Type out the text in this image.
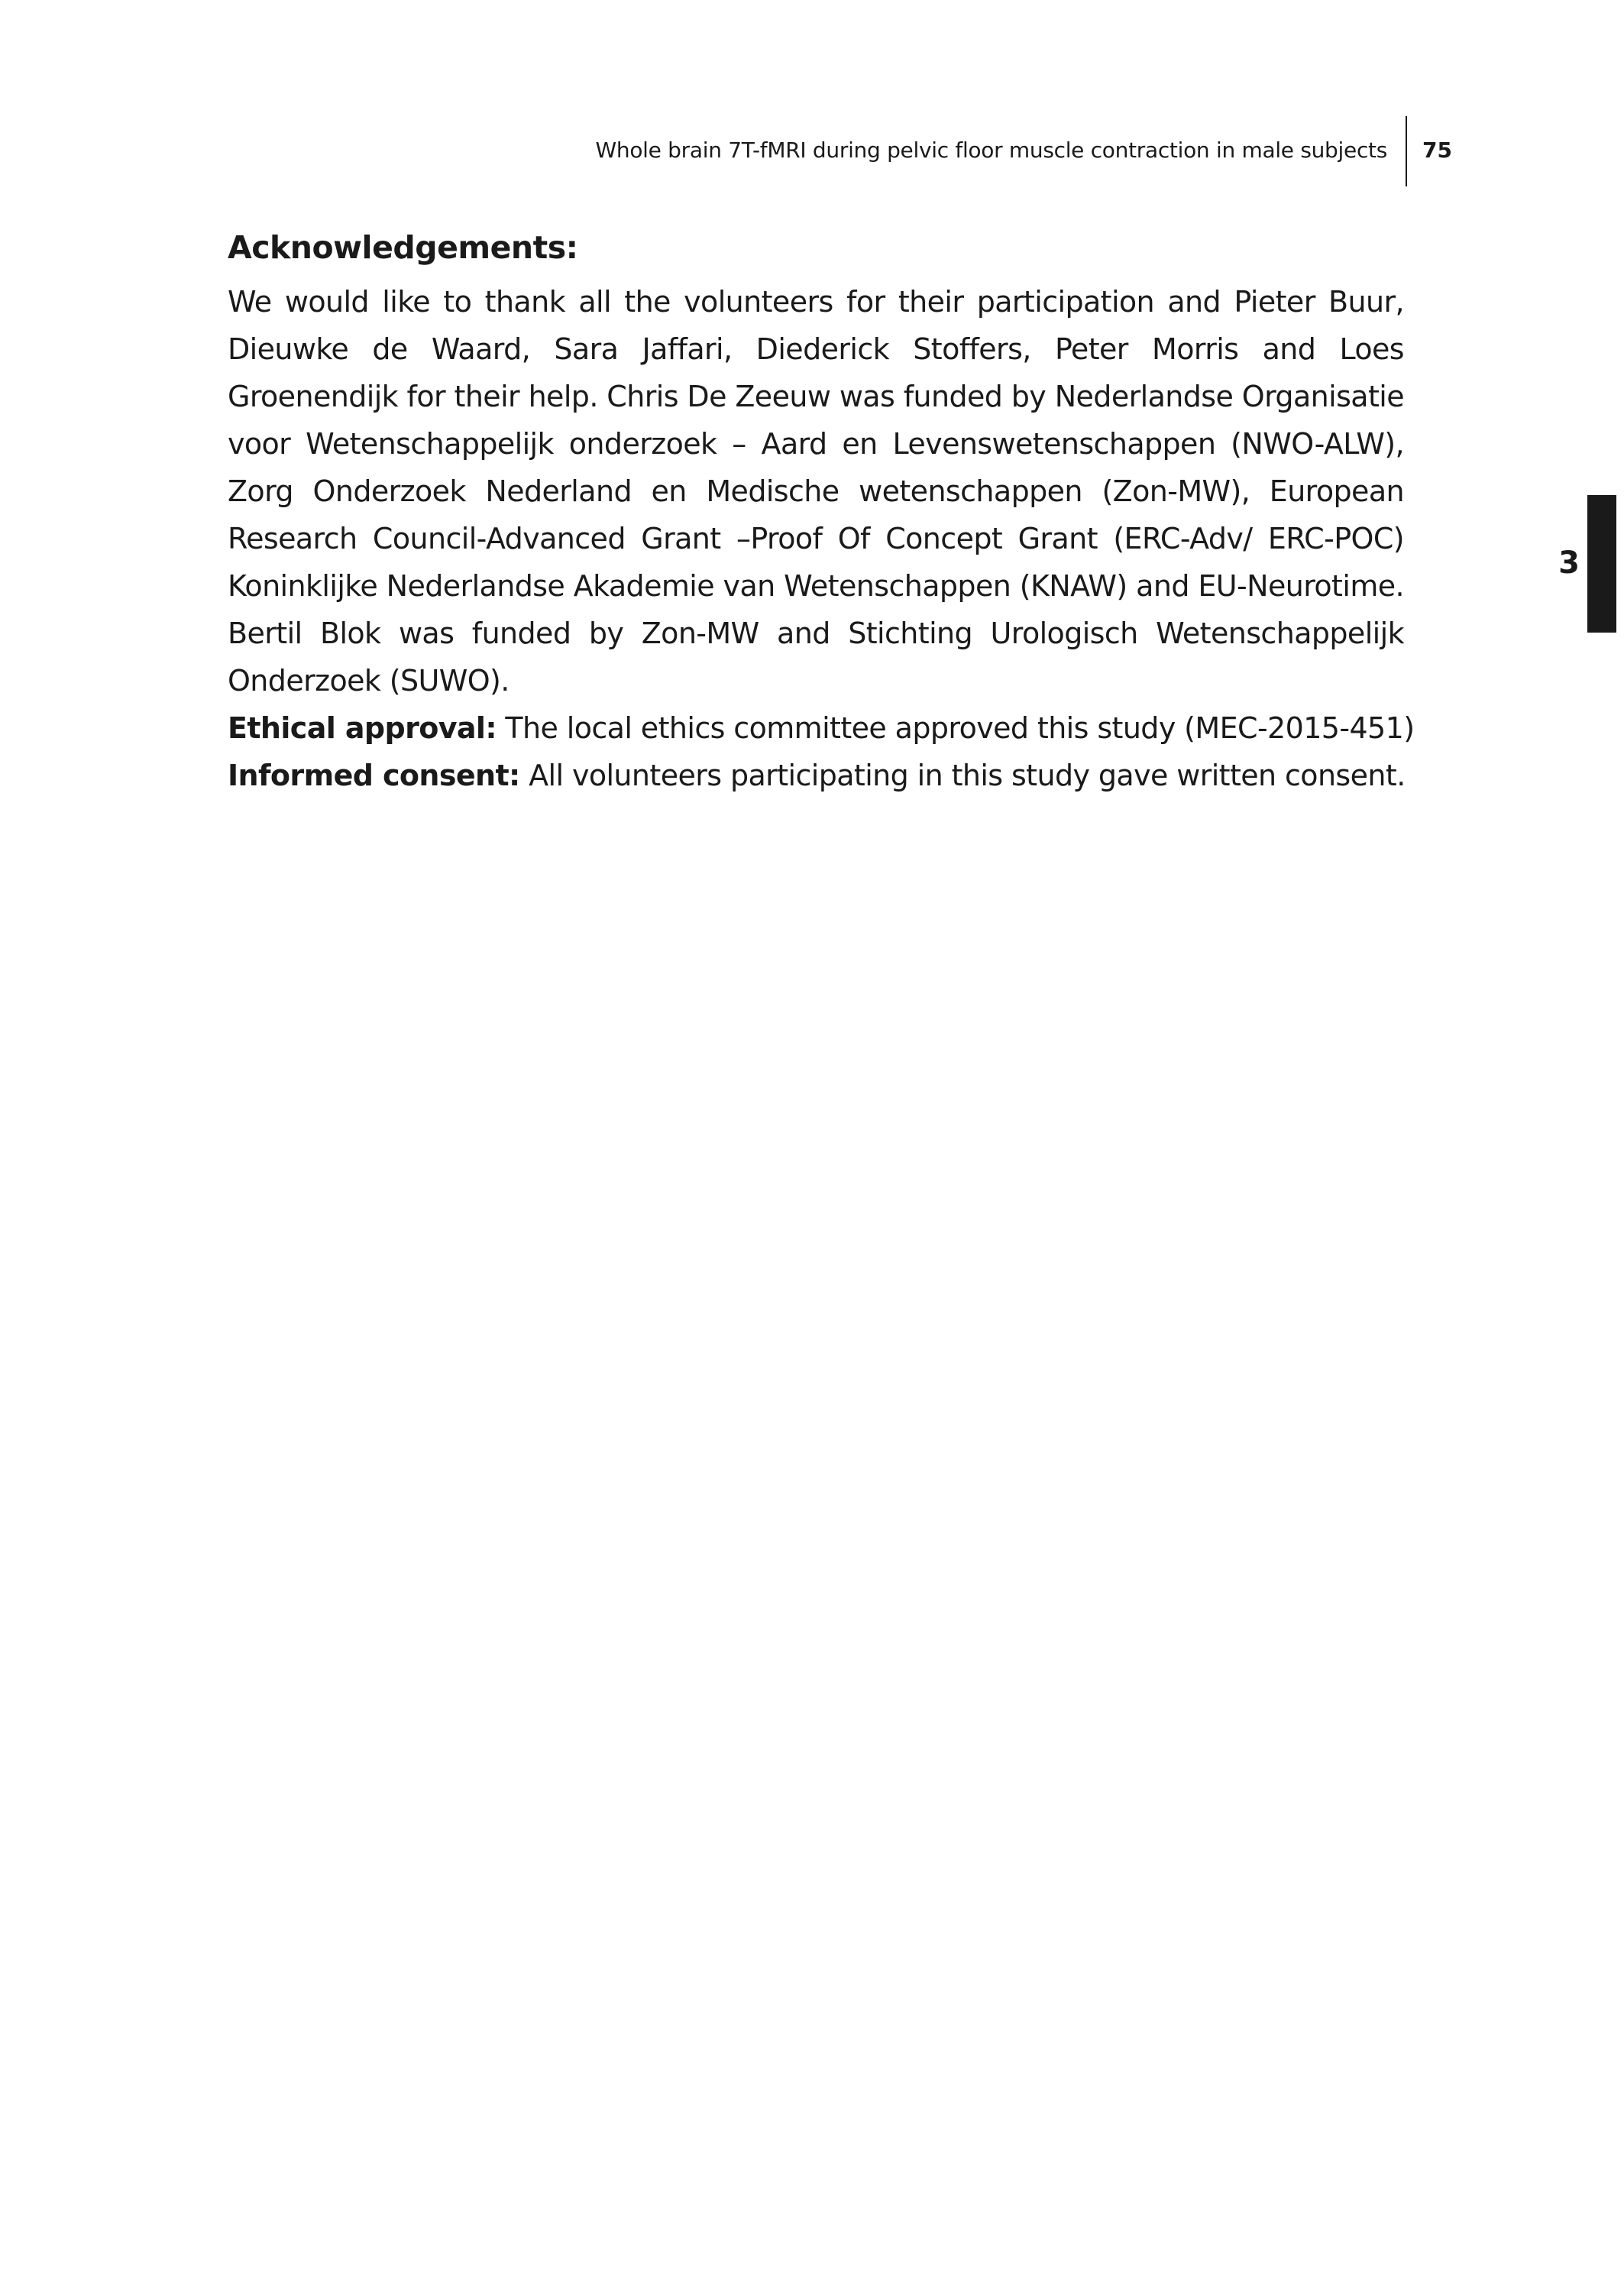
Whole brain 7T-fMRI during pelvic floor muscle contraction in male subjects 75
3
Acknowledgements:

We would like to thank all the volunteers for their participation and Pieter Buur, Dieuwke de Waard, Sara Jaffari, Diederick Stoffers, Peter Morris and Loes Groenendijk for their help. Chris De Zeeuw was funded by Nederlandse Organisatie voor Wetenschappelijk onderzoek – Aard en Levenswetenschappen (NWO-ALW), Zorg Onderzoek Nederland en Medische wetenschappen (Zon-MW), European Research Council-Advanced Grant –Proof Of Concept Grant (ERC-Adv/ ERC-POC) Koninklijke Nederlandse Akademie van Wetenschappen (KNAW) and EU-Neurotime. Bertil Blok was funded by Zon-MW and Stichting Urologisch Wetenschappelijk Onderzoek (SUWO).

Ethical approval: The local ethics committee approved this study (MEC-2015-451)

Informed consent: All volunteers participating in this study gave written consent.
